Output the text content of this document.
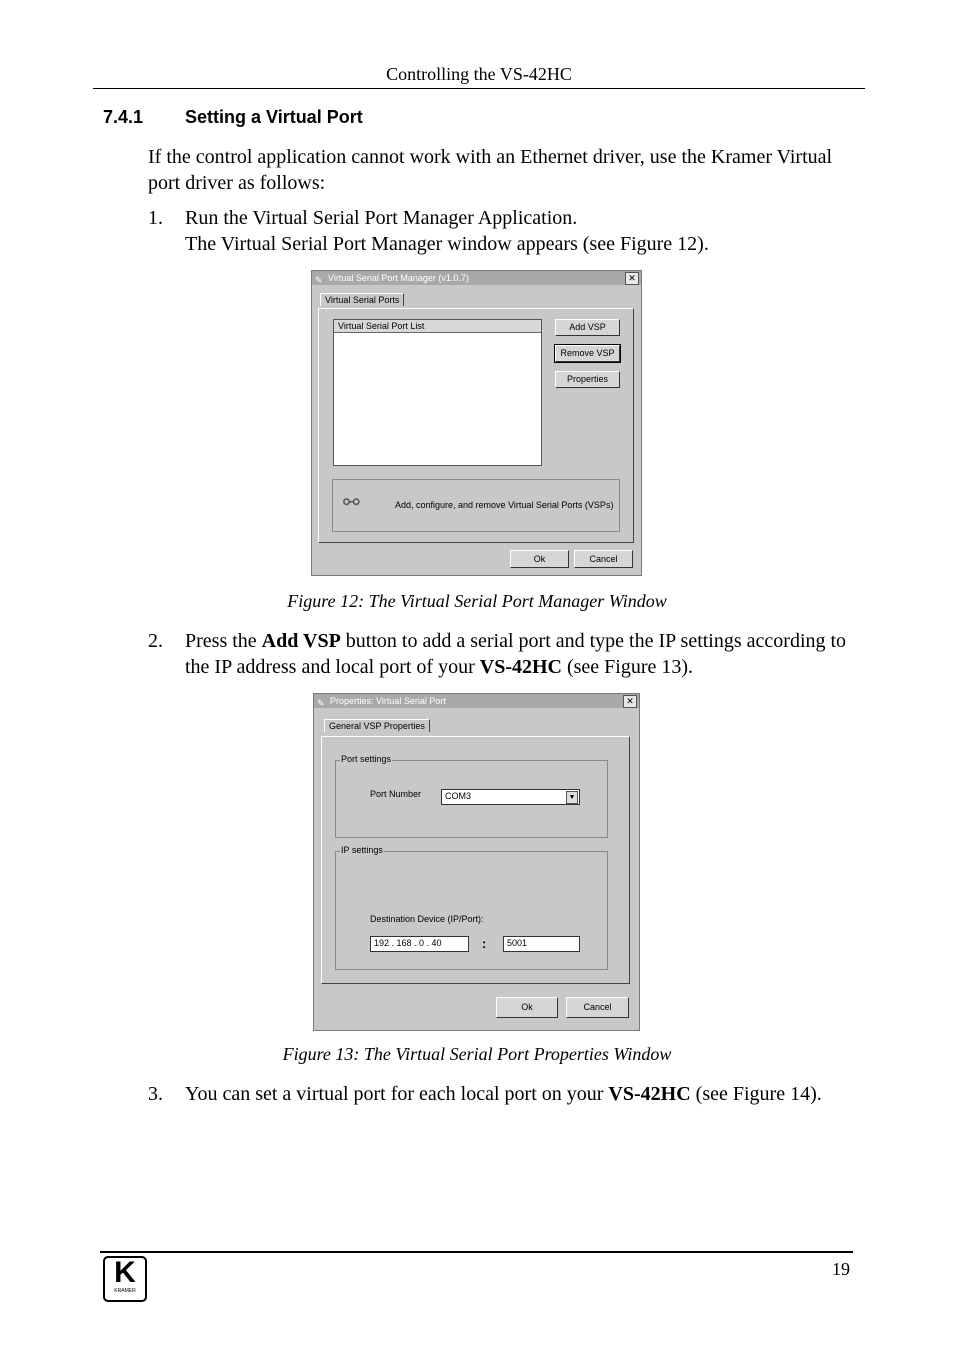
Controlling the VS-42HC
7.4.1 Setting a Virtual Port
If the control application cannot work with an Ethernet driver, use the Kramer Virtual port driver as follows:
1. Run the Virtual Serial Port Manager Application.
The Virtual Serial Port Manager window appears (see Figure 12).
✎ Virtual Serial Port Manager (v1.0.7)	✕
Virtual Serial Ports
Virtual Serial Port List	Add VSP
Remove VSP
Properties
⚯	Add, configure, and remove Virtual Serial Ports (VSPs)
Ok	Cancel
Figure 12: The Virtual Serial Port Manager Window
2. Press the Add VSP button to add a serial port and type the IP settings according to the IP address and local port of your VS-42HC (see Figure 13).
✎ Properties: Virtual Serial Port	✕
General VSP Properties
Port settings
Port Number	COM3	▼
IP settings
Destination Device (IP/Port):
192 . 168 . 0 . 40	:	5001
Ok	Cancel
Figure 13: The Virtual Serial Port Properties Window
3. You can set a virtual port for each local port on your VS-42HC (see Figure 14).
K
KRAMER
19
